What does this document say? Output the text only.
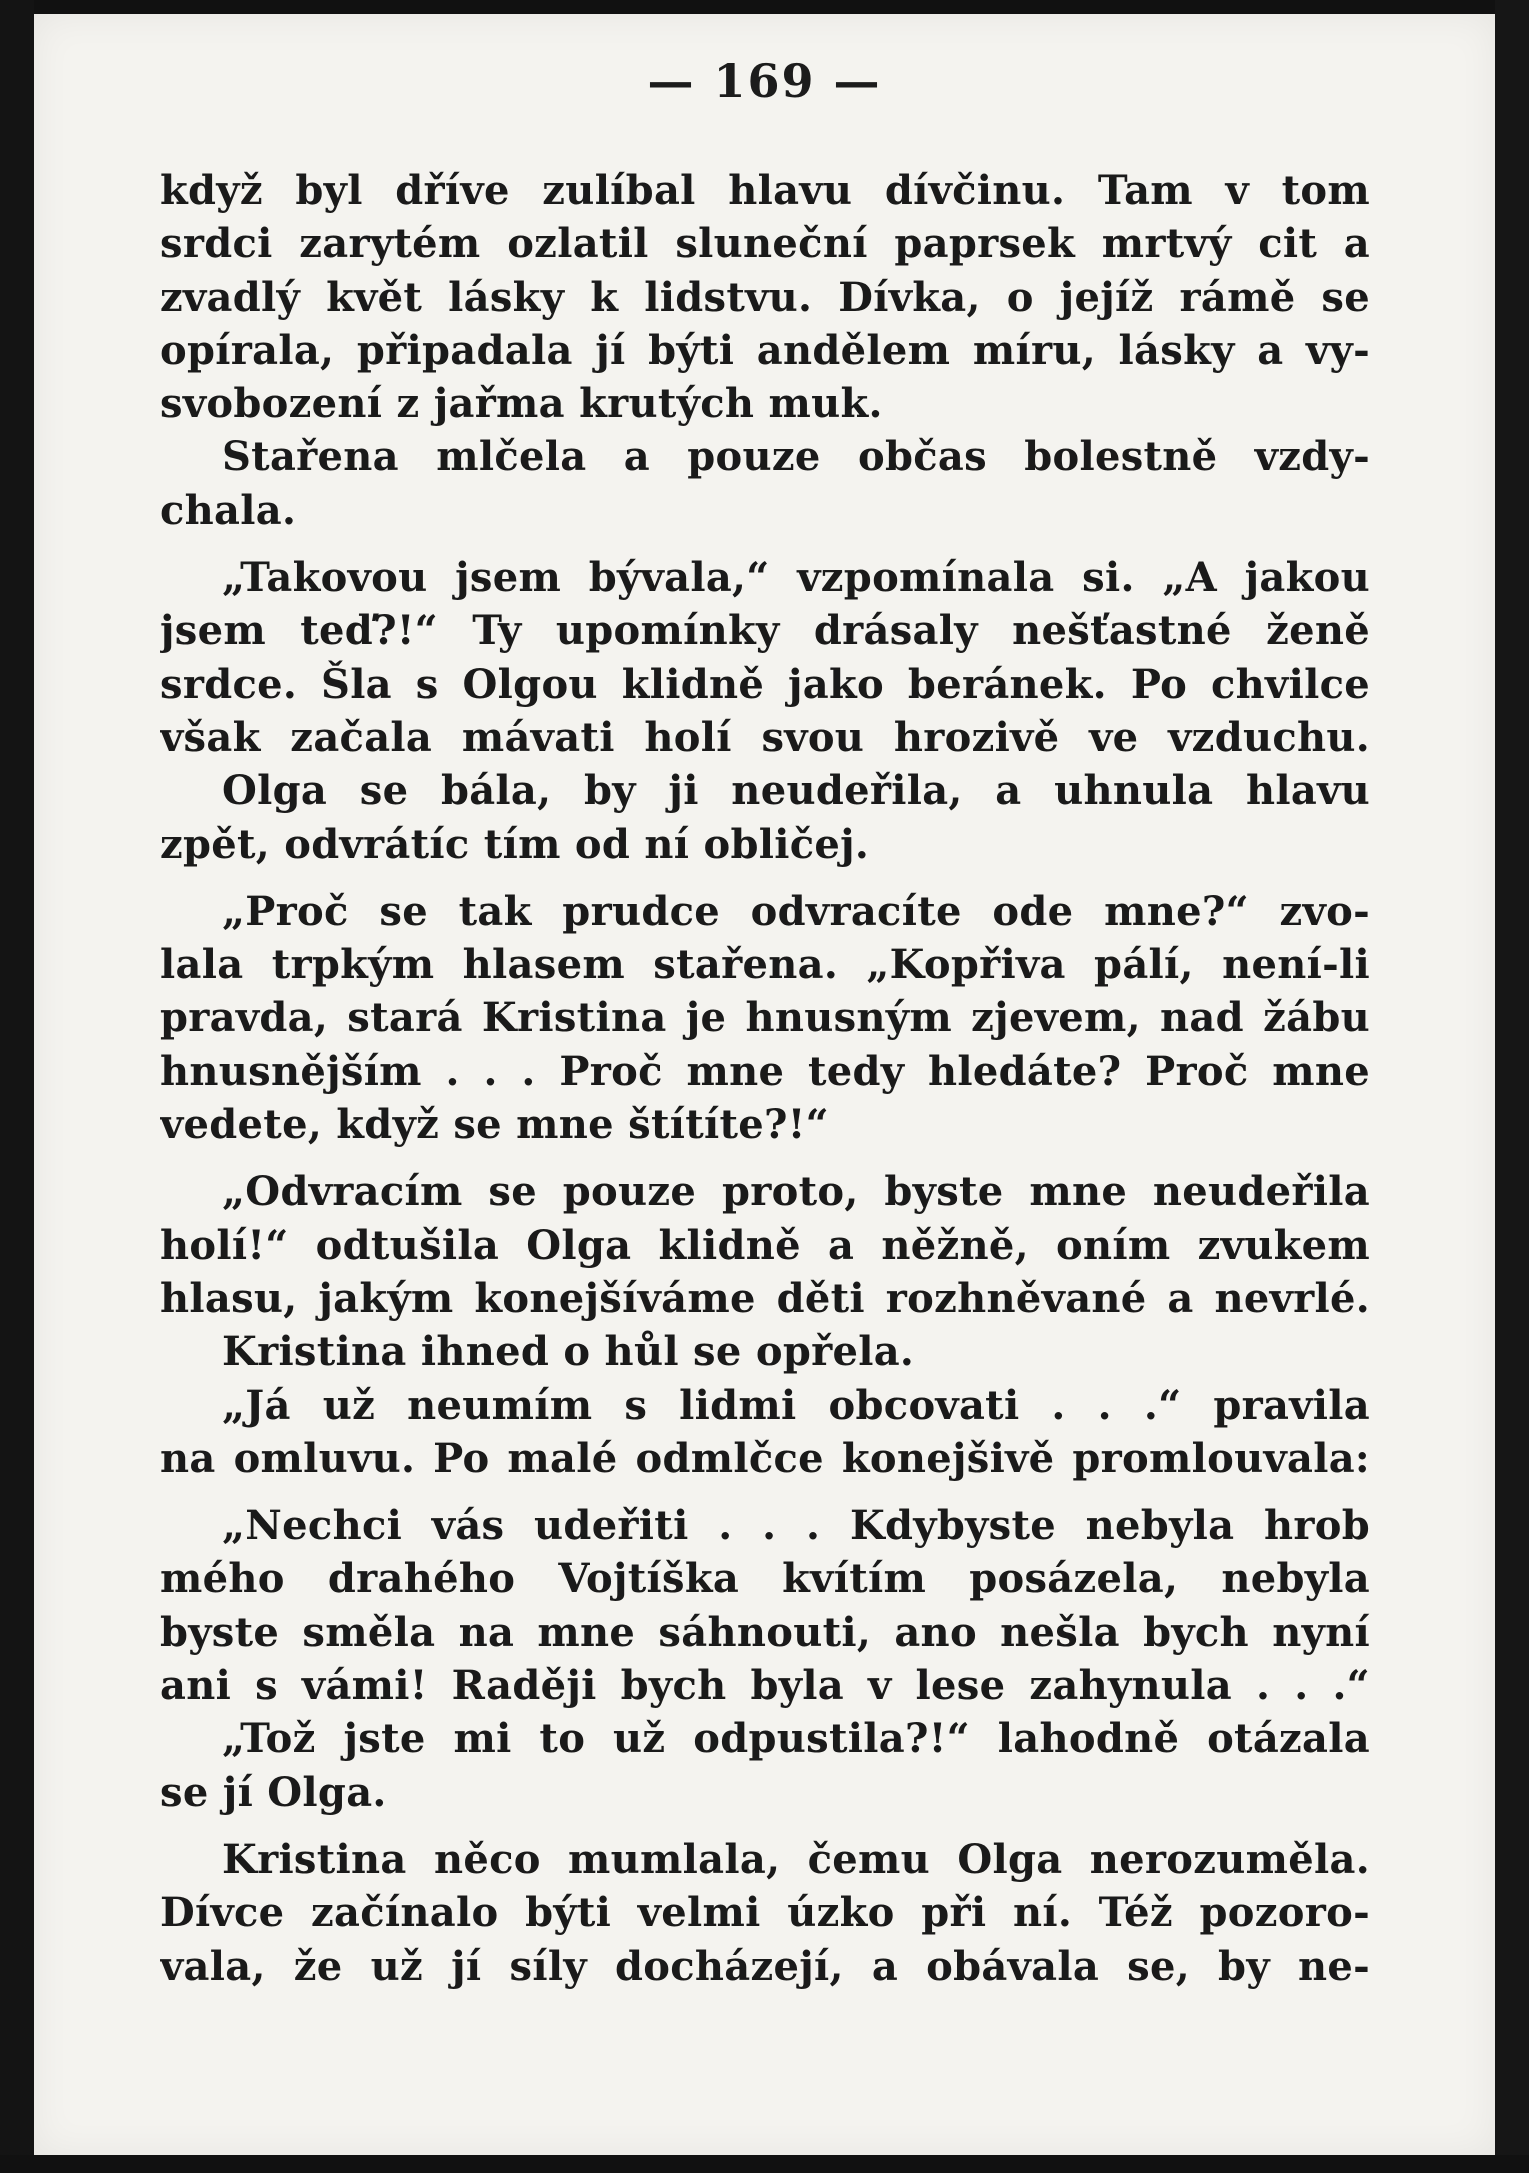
— 169 —
když byl dříve zulíbal hlavu dívčinu. Tam v tom
srdci zarytém ozlatil sluneční paprsek mrtvý cit a
zvadlý květ lásky k lidstvu. Dívka, o jejíž rámě se
opírala, připadala jí býti andělem míru, lásky a vy-
svobození z jařma krutých muk.
Stařena mlčela a pouze občas bolestně vzdy-
chala.
„Takovou jsem bývala,“ vzpomínala si. „A jakou
jsem teď?!“ Ty upomínky drásaly nešťastné ženě
srdce. Šla s Olgou klidně jako beránek. Po chvilce
však začala mávati holí svou hrozivě ve vzduchu.
Olga se bála, by ji neudeřila, a uhnula hlavu
zpět, odvrátíc tím od ní obličej.
„Proč se tak prudce odvracíte ode mne?“ zvo-
lala trpkým hlasem stařena. „Kopřiva pálí, není-li
pravda, stará Kristina je hnusným zjevem, nad žábu
hnusnějším . . . Proč mne tedy hledáte? Proč mne
vedete, když se mne štítíte?!“
„Odvracím se pouze proto, byste mne neudeřila
holí!“ odtušila Olga klidně a něžně, oním zvukem
hlasu, jakým konejšíváme děti rozhněvané a nevrlé.
Kristina ihned o hůl se opřela.
„Já už neumím s lidmi obcovati . . .“ pravila
na omluvu. Po malé odmlčce konejšivě promlouvala:
„Nechci vás udeřiti . . . Kdybyste nebyla hrob
mého drahého Vojtíška kvítím posázela, nebyla
byste směla na mne sáhnouti, ano nešla bych nyní
ani s vámi! Raději bych byla v lese zahynula . . .“
„Tož jste mi to už odpustila?!“ lahodně otázala
se jí Olga.
Kristina něco mumlala, čemu Olga nerozuměla.
Dívce začínalo býti velmi úzko při ní. Též pozoro-
vala, že už jí síly docházejí, a obávala se, by ne-
